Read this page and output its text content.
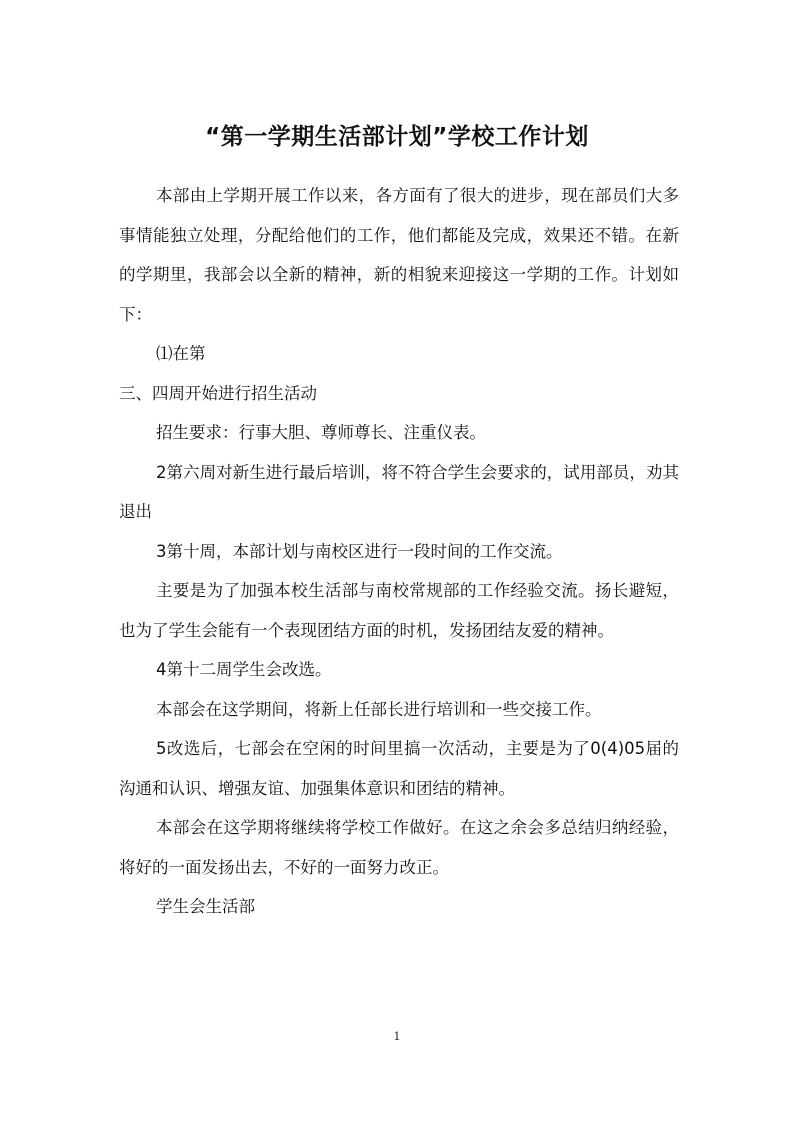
“第一学期生活部计划”学校工作计划

本部由上学期开展工作以来，各方面有了很大的进步，现在部员们大多事情能独立处理，分配给他们的工作，他们都能及完成，效果还不错。在新的学期里，我部会以全新的精神，新的相貌来迎接这一学期的工作。计划如下：

⑴在第

三、四周开始进行招生活动

招生要求：行事大胆、尊师尊长、注重仪表。

2第六周对新生进行最后培训，将不符合学生会要求的，试用部员，劝其退出

3第十周，本部计划与南校区进行一段时间的工作交流。

主要是为了加强本校生活部与南校常规部的工作经验交流。扬长避短，也为了学生会能有一个表现团结方面的时机，发扬团结友爱的精神。

4第十二周学生会改选。

本部会在这学期间，将新上任部长进行培训和一些交接工作。

5改选后，七部会在空闲的时间里搞一次活动，主要是为了0(4)05届的沟通和认识、增强友谊、加强集体意识和团结的精神。

本部会在这学期将继续将学校工作做好。在这之余会多总结归纳经验，将好的一面发扬出去，不好的一面努力改正。

学生会生活部

1
